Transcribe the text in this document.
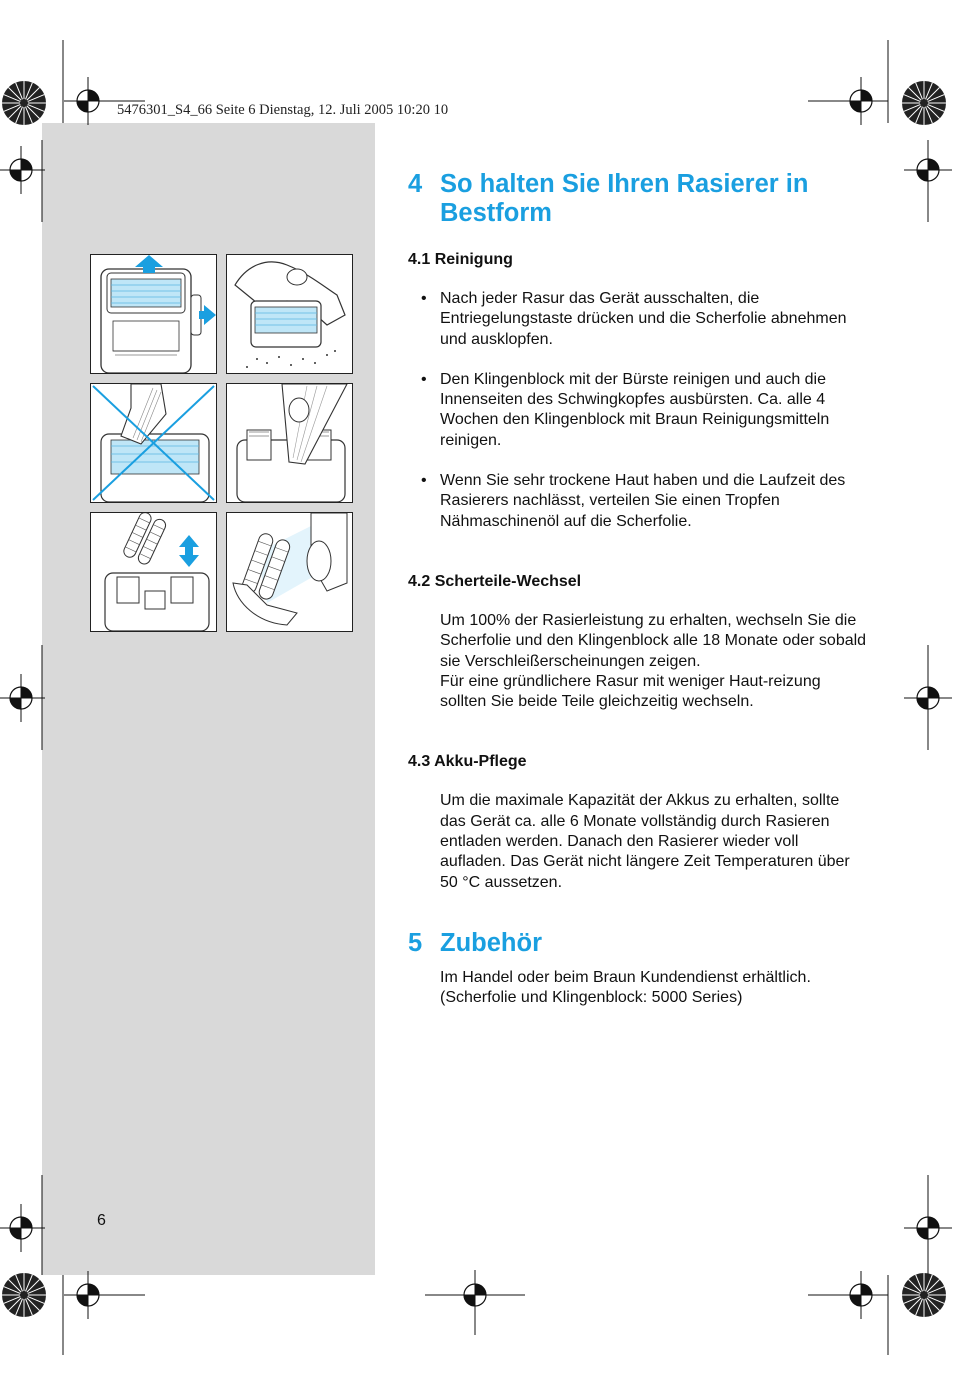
5476301_S4_66 Seite 6 Dienstag, 12. Juli 2005 10:20 10
4 So halten Sie Ihren Rasierer in Bestform
4.1 Reinigung
• Nach jeder Rasur das Gerät ausschalten, die Entriegelungstaste drücken und die Scherfolie abnehmen und ausklopfen.
• Den Klingenblock mit der Bürste reinigen und auch die Innenseiten des Schwingkopfes ausbürsten. Ca. alle 4 Wochen den Klingenblock mit Braun Reinigungsmitteln reinigen.
• Wenn Sie sehr trockene Haut haben und die Laufzeit des Rasierers nachlässt, verteilen Sie einen Tropfen Nähmaschinenöl auf die Scherfolie.
4.2 Scherteile-Wechsel

Um 100% der Rasierleistung zu erhalten, wechseln Sie die Scherfolie und den Klingenblock alle 18 Monate oder sobald sie Verschleißerscheinungen zeigen.

Für eine gründlichere Rasur mit weniger Haut-reizung sollten Sie beide Teile gleichzeitig wechseln.

4.3 Akku-Pflege

Um die maximale Kapazität der Akkus zu erhalten, sollte das Gerät ca. alle 6 Monate vollständig durch Rasieren entladen werden. Danach den Rasierer wieder voll aufladen. Das Gerät nicht längere Zeit Temperaturen über 50 °C aussetzen.

5 Zubehör

Im Handel oder beim Braun Kundendienst erhältlich.

(Scherfolie und Klingenblock: 5000 Series)

6
